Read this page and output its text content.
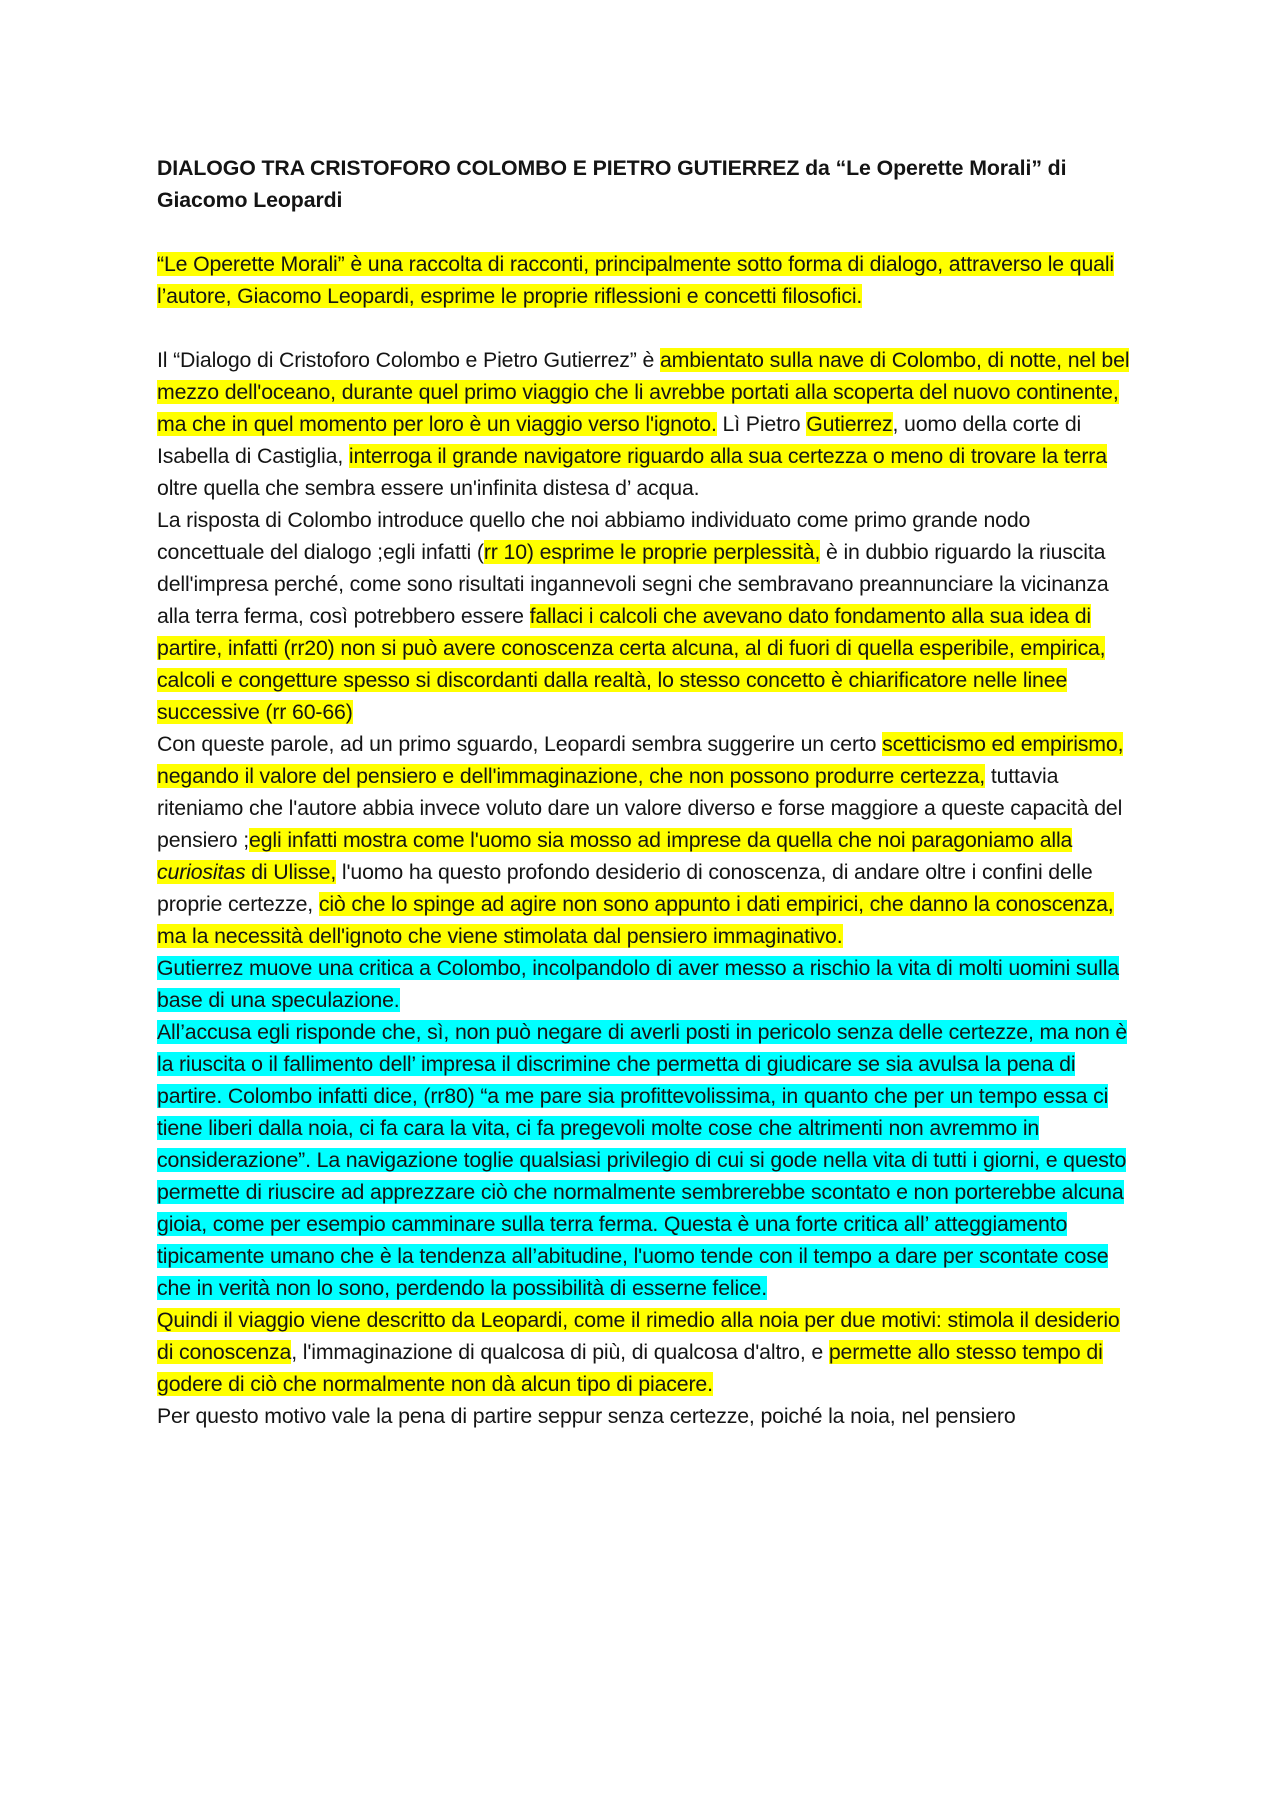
DIALOGO TRA CRISTOFORO COLOMBO E PIETRO GUTIERREZ da “Le Operette Morali” di Giacomo Leopardi

“Le Operette Morali” è una raccolta di racconti, principalmente sotto forma di dialogo, attraverso le quali l’autore, Giacomo Leopardi, esprime le proprie riflessioni e concetti filosofici.

Il “Dialogo di Cristoforo Colombo e Pietro Gutierrez” è ambientato sulla nave di Colombo, di notte, nel bel mezzo dell'oceano, durante quel primo viaggio che li avrebbe portati alla scoperta del nuovo continente, ma che in quel momento per loro è un viaggio verso l'ignoto. Lì Pietro Gutierrez, uomo della corte di Isabella di Castiglia, interroga il grande navigatore riguardo alla sua certezza o meno di trovare la terra oltre quella che sembra essere un'infinita distesa d’ acqua.

La risposta di Colombo introduce quello che noi abbiamo individuato come primo grande nodo concettuale del dialogo ;egli infatti (rr 10) esprime le proprie perplessità, è in dubbio riguardo la riuscita dell'impresa perché, come sono risultati ingannevoli segni che sembravano preannunciare la vicinanza alla terra ferma, così potrebbero essere fallaci i calcoli che avevano dato fondamento alla sua idea di partire, infatti (rr20) non si può avere conoscenza certa alcuna, al di fuori di quella esperibile, empirica, calcoli e congetture spesso si discordanti dalla realtà, lo stesso concetto è chiarificatore nelle linee successive (rr 60-66)

Con queste parole, ad un primo sguardo, Leopardi sembra suggerire un certo scetticismo ed empirismo, negando il valore del pensiero e dell'immaginazione, che non possono produrre certezza, tuttavia riteniamo che l'autore abbia invece voluto dare un valore diverso e forse maggiore a queste capacità del pensiero ;egli infatti mostra come l'uomo sia mosso ad imprese da quella che noi paragoniamo alla curiositas di Ulisse, l'uomo ha questo profondo desiderio di conoscenza, di andare oltre i confini delle proprie certezze, ciò che lo spinge ad agire non sono appunto i dati empirici, che danno la conoscenza, ma la necessità dell'ignoto che viene stimolata dal pensiero immaginativo.

Gutierrez muove una critica a Colombo, incolpandolo di aver messo a rischio la vita di molti uomini sulla base di una speculazione.

All’accusa egli risponde che, sì, non può negare di averli posti in pericolo senza delle certezze, ma non è la riuscita o il fallimento dell’ impresa il discrimine che permetta di giudicare se sia avulsa la pena di partire. Colombo infatti dice, (rr80) “a me pare sia profittevolissima, in quanto che per un tempo essa ci tiene liberi dalla noia, ci fa cara la vita, ci fa pregevoli molte cose che altrimenti non avremmo in considerazione”. La navigazione toglie qualsiasi privilegio di cui si gode nella vita di tutti i giorni, e questo permette di riuscire ad apprezzare ciò che normalmente sembrerebbe scontato e non porterebbe alcuna gioia, come per esempio camminare sulla terra ferma. Questa è una forte critica all’ atteggiamento tipicamente umano che è la tendenza all’abitudine, l'uomo tende con il tempo a dare per scontate cose che in verità non lo sono, perdendo la possibilità di esserne felice.

Quindi il viaggio viene descritto da Leopardi, come il rimedio alla noia per due motivi: stimola il desiderio di conoscenza, l'immaginazione di qualcosa di più, di qualcosa d'altro, e permette allo stesso tempo di godere di ciò che normalmente non dà alcun tipo di piacere.

Per questo motivo vale la pena di partire seppur senza certezze, poiché la noia, nel pensiero
